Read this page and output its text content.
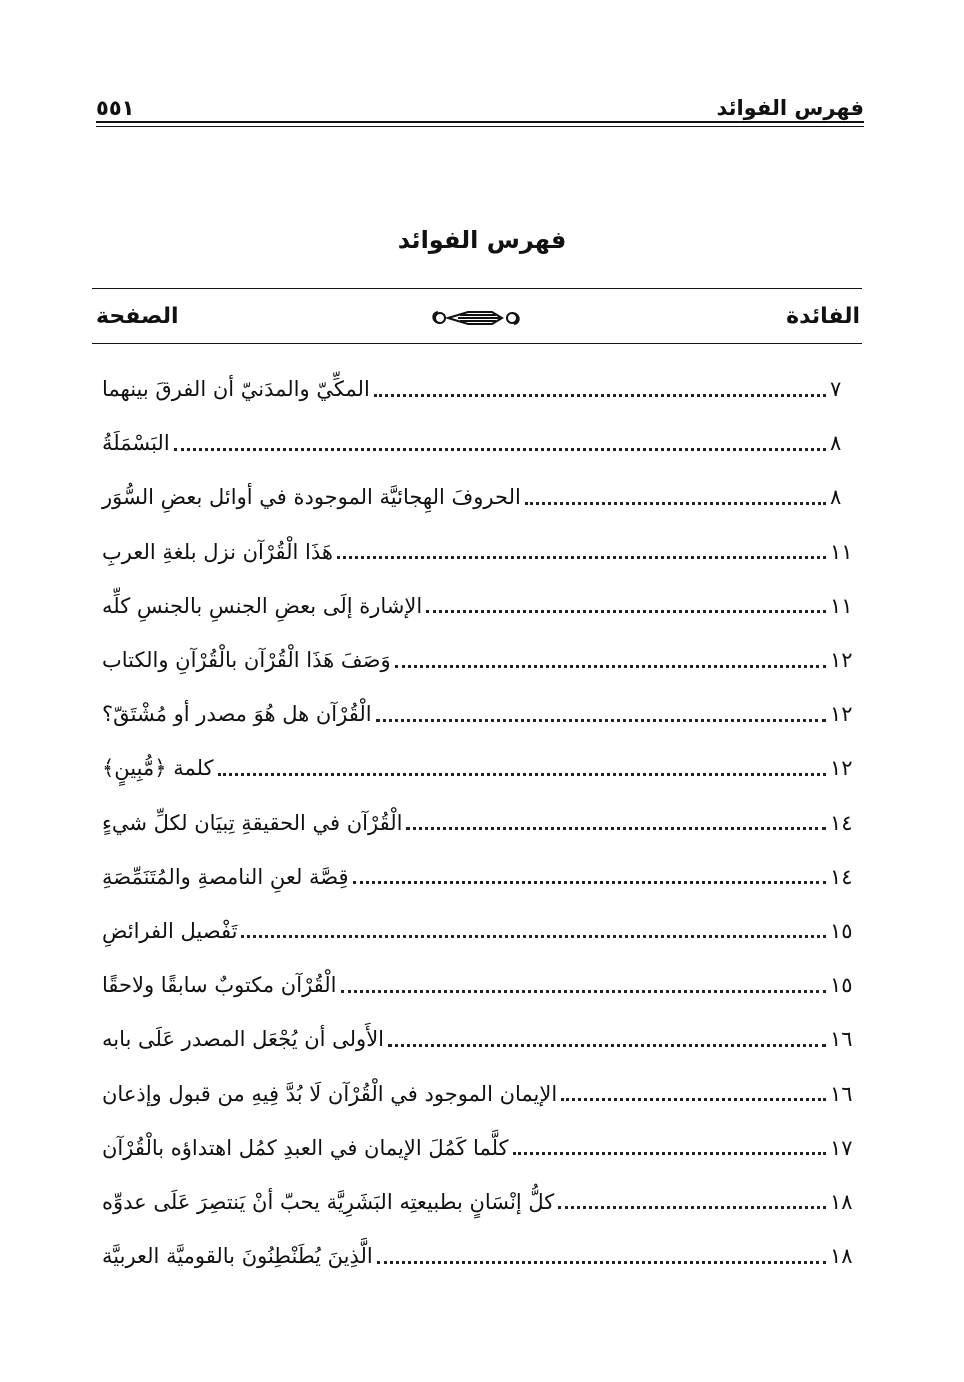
فهرس الفوائد
٥٥١
فهرس الفوائد
الفائدة
الصفحة
المكِّيّ والمدَنيّ أن الفرقَ بينهما	٧
البَسْمَلَةُ	٨
الحروفَ الهِجائيَّة الموجودة في أوائل بعضِ السُّوَر	٨
هَذَا الْقُرْآن نزل بلغةِ العربِ	١١
الإشارة إلَى بعضِ الجنسِ بالجنسِ كلِّه	١١
وَصَفَ هَذَا الْقُرْآن بالْقُرْآنِ والكتاب	١٢
الْقُرْآن هل هُوَ مصدر أو مُشْتَقّ؟	١٢
كلمة ﴿مُّبِينٍ﴾	١٢
الْقُرْآن في الحقيقةِ تِبيَان لكلِّ شيءٍ	١٤
قِصَّة لعنِ النامصةِ والمُتَنَمِّصَةِ	١٤
تَفْصيل الفرائضِ	١٥
الْقُرْآن مكتوبٌ سابقًا ولاحقًا	١٥
الأَولى أن يُجْعَل المصدر عَلَى بابه	١٦
الإيمان الموجود في الْقُرْآن لَا بُدَّ فِيهِ من قبول وإذعان	١٦
كلَّما كَمُلَ الإيمان في العبدِ كمُل اهتداؤه بالْقُرْآن	١٧
كلُّ إنْسَانٍ بطبيعتِه البَشَرِيَّة يحبّ أنْ يَنتصِرَ عَلَى عدوِّه	١٨
الَّذِينَ يُطَنْطِنُونَ بالقوميَّة العربيَّة	١٨
